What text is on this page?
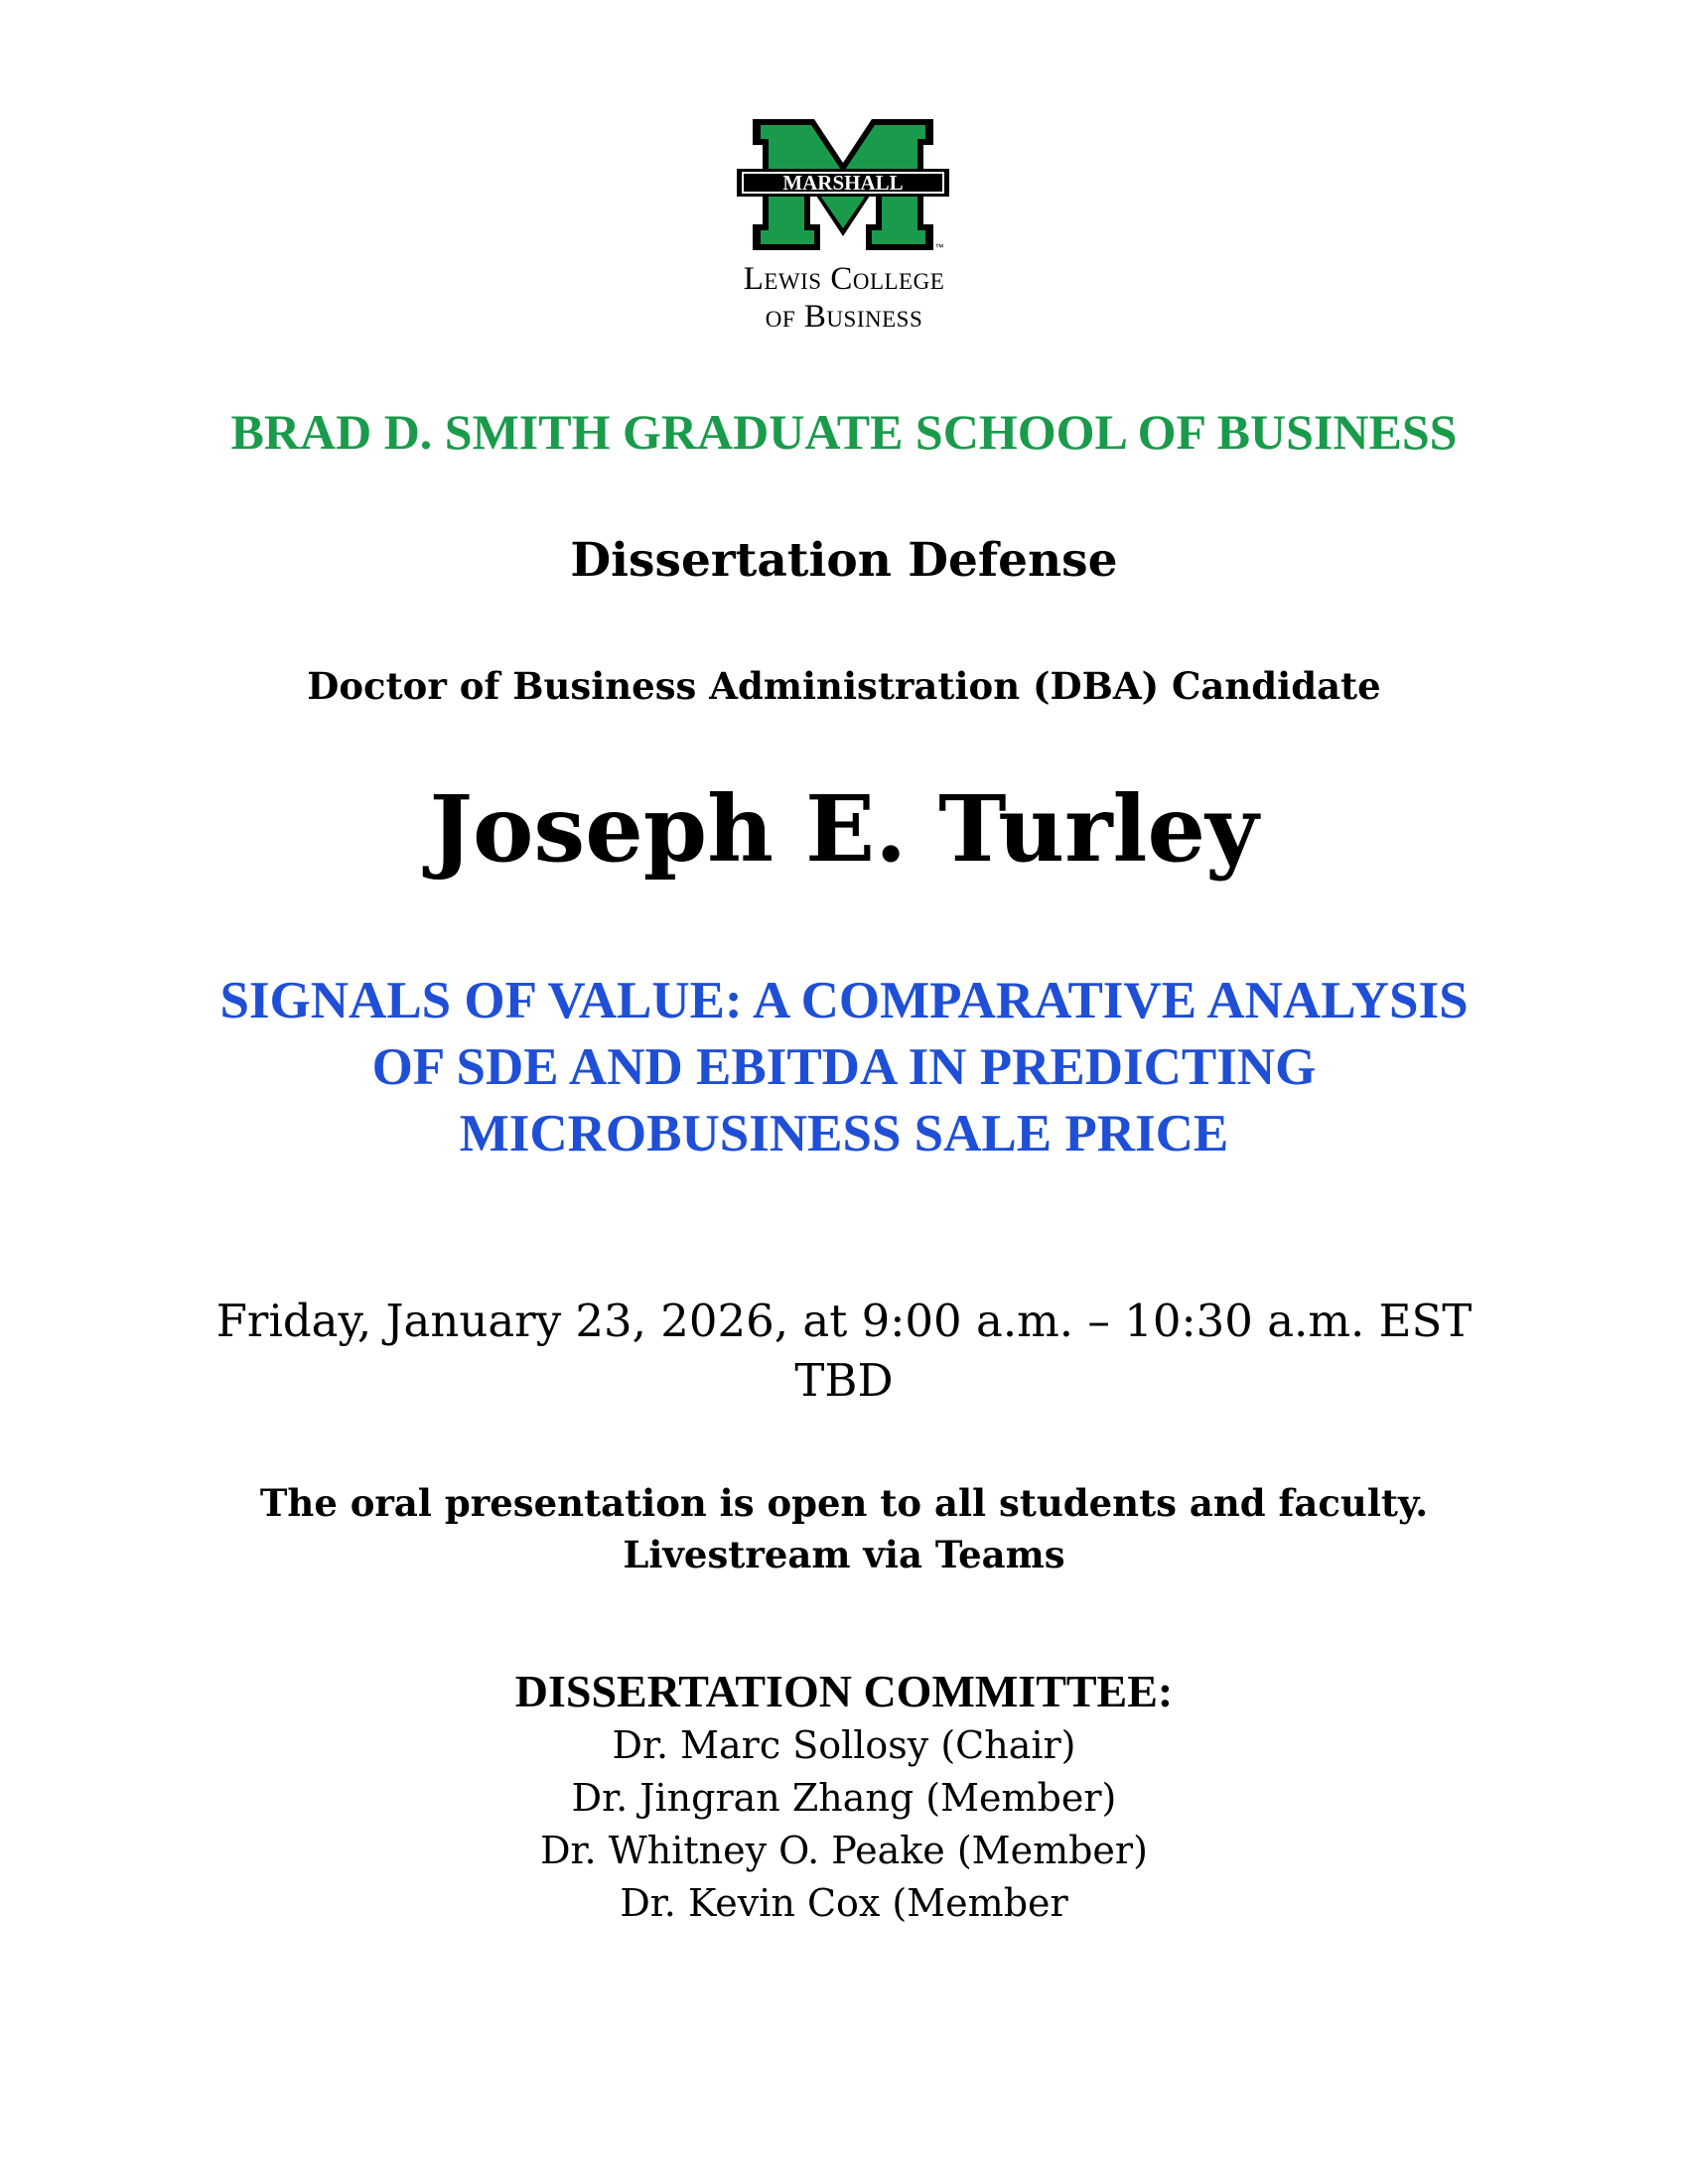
MARSHALL
™
Lewis College
of Business
BRAD D. SMITH GRADUATE SCHOOL OF BUSINESS
Dissertation Defense
Doctor of Business Administration (DBA) Candidate
Joseph E. Turley
SIGNALS OF VALUE: A COMPARATIVE ANALYSIS
OF SDE AND EBITDA IN PREDICTING
MICROBUSINESS SALE PRICE
Friday, January 23, 2026, at 9:00 a.m. – 10:30 a.m. EST
TBD
The oral presentation is open to all students and faculty.
Livestream via Teams
DISSERTATION COMMITTEE:
Dr. Marc Sollosy (Chair)
Dr. Jingran Zhang (Member)
Dr. Whitney O. Peake (Member)
Dr. Kevin Cox (Member
